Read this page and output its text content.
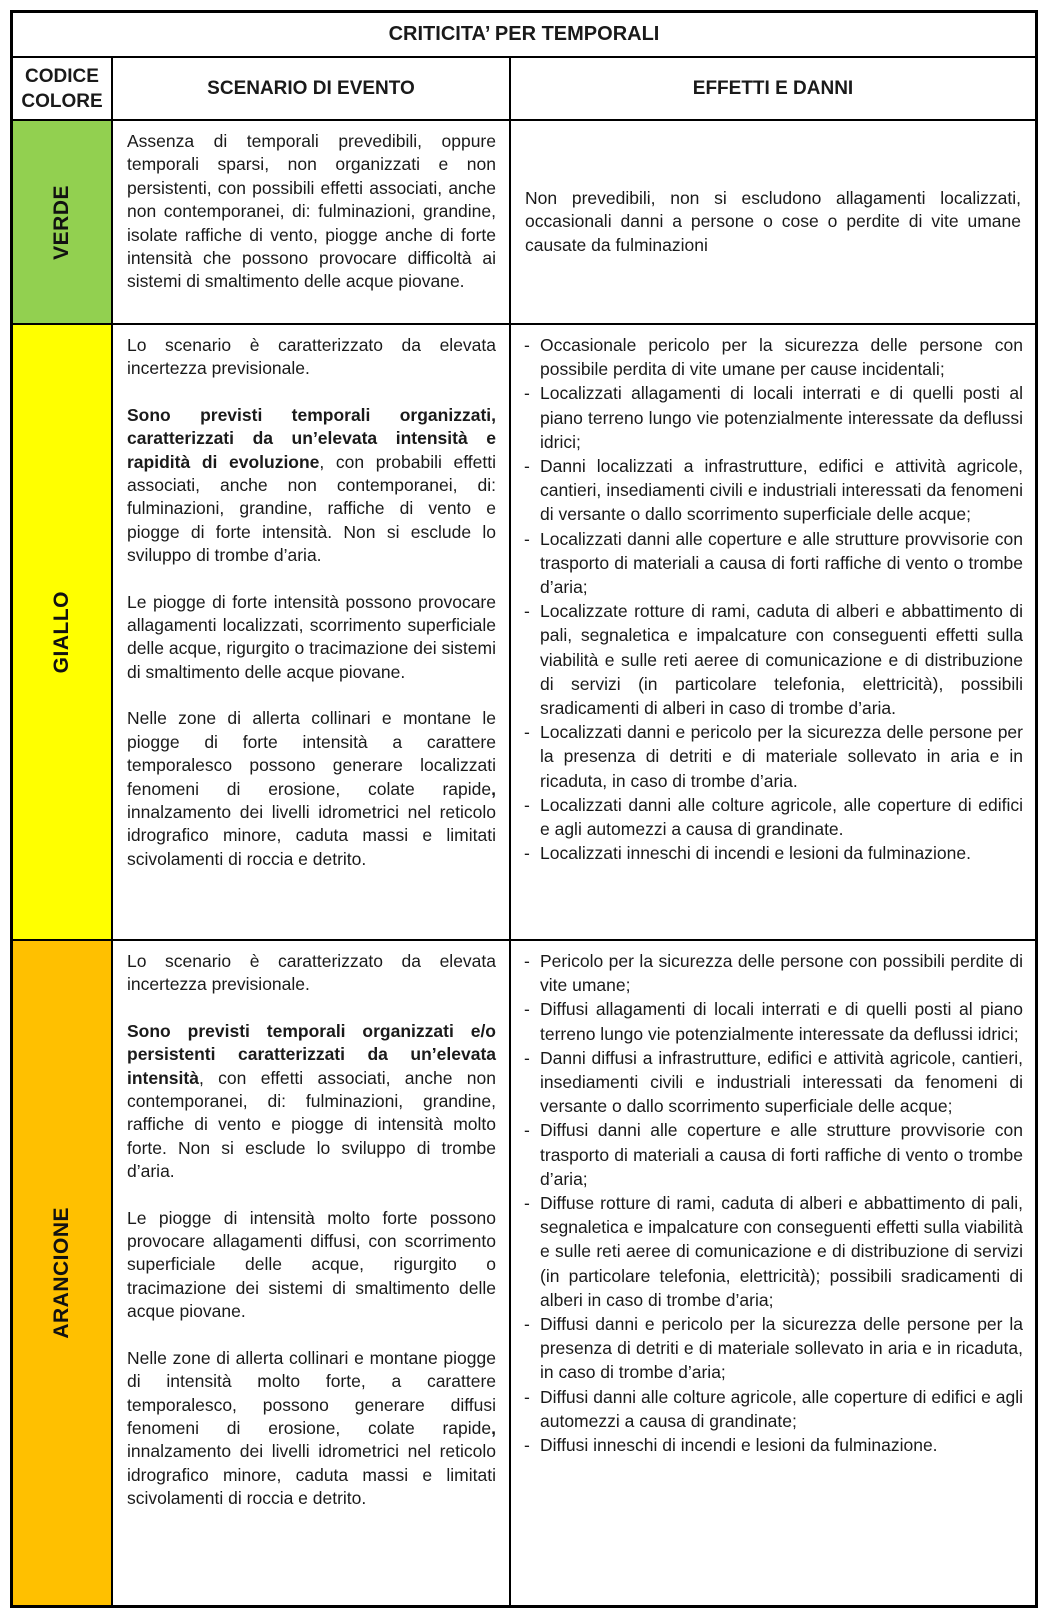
CRITICITA’ PER TEMPORALI
CODICE COLORE
SCENARIO DI EVENTO	EFFETTI E DANNI
VERDE

Assenza di temporali prevedibili, oppure temporali sparsi, non organizzati e non persistenti, con possibili effetti associati, anche non contemporanei, di: fulminazioni, grandine, isolate raffiche di vento, piogge anche di forte intensità che possono provocare difficoltà ai sistemi di smaltimento delle acque piovane.

Non prevedibili, non si escludono allagamenti localizzati, occasionali danni a persone o cose o perdite di vite umane causate da fulminazioni

GIALLO

Lo scenario è caratterizzato da elevata incertezza previsionale.

Sono previsti temporali organizzati, caratterizzati da un’elevata intensità e rapidità di evoluzione, con probabili effetti associati, anche non contemporanei, di: fulminazioni, grandine, raffiche di vento e piogge di forte intensità. Non si esclude lo sviluppo di trombe d’aria.

Le piogge di forte intensità possono provocare allagamenti localizzati, scorrimento superficiale delle acque, rigurgito o tracimazione dei sistemi di smaltimento delle acque piovane.

Nelle zone di allerta collinari e montane le piogge di forte intensità a carattere temporalesco possono generare localizzati fenomeni di erosione, colate rapide, innalzamento dei livelli idrometrici nel reticolo idrografico minore, caduta massi e limitati scivolamenti di roccia e detrito.

- Occasionale pericolo per la sicurezza delle persone con possibile perdita di vite umane per cause incidentali;
- Localizzati allagamenti di locali interrati e di quelli posti al piano terreno lungo vie potenzialmente interessate da deflussi idrici;
- Danni localizzati a infrastrutture, edifici e attività agricole, cantieri, insediamenti civili e industriali interessati da fenomeni di versante o dallo scorrimento superficiale delle acque;
- Localizzati danni alle coperture e alle strutture provvisorie con trasporto di materiali a causa di forti raffiche di vento o trombe d’aria;
- Localizzate rotture di rami, caduta di alberi e abbattimento di pali, segnaletica e impalcature con conseguenti effetti sulla viabilità e sulle reti aeree di comunicazione e di distribuzione di servizi (in particolare telefonia, elettricità), possibili sradicamenti di alberi in caso di trombe d’aria.
- Localizzati danni e pericolo per la sicurezza delle persone per la presenza di detriti e di materiale sollevato in aria e in ricaduta, in caso di trombe d’aria.
- Localizzati danni alle colture agricole, alle coperture di edifici e agli automezzi a causa di grandinate.
- Localizzati inneschi di incendi e lesioni da fulminazione.
ARANCIONE

Lo scenario è caratterizzato da elevata incertezza previsionale.

Sono previsti temporali organizzati e/o persistenti caratterizzati da un’elevata intensità, con effetti associati, anche non contemporanei, di: fulminazioni, grandine, raffiche di vento e piogge di intensità molto forte. Non si esclude lo sviluppo di trombe d’aria.

Le piogge di intensità molto forte possono provocare allagamenti diffusi, con scorrimento superficiale delle acque, rigurgito o tracimazione dei sistemi di smaltimento delle acque piovane.

Nelle zone di allerta collinari e montane piogge di intensità molto forte, a carattere temporalesco, possono generare diffusi fenomeni di erosione, colate rapide, innalzamento dei livelli idrometrici nel reticolo idrografico minore, caduta massi e limitati scivolamenti di roccia e detrito.

- Pericolo per la sicurezza delle persone con possibili perdite di vite umane;
- Diffusi allagamenti di locali interrati e di quelli posti al piano terreno lungo vie potenzialmente interessate da deflussi idrici;
- Danni diffusi a infrastrutture, edifici e attività agricole, cantieri, insediamenti civili e industriali interessati da fenomeni di versante o dallo scorrimento superficiale delle acque;
- Diffusi danni alle coperture e alle strutture provvisorie con trasporto di materiali a causa di forti raffiche di vento o trombe d’aria;
- Diffuse rotture di rami, caduta di alberi e abbattimento di pali, segnaletica e impalcature con conseguenti effetti sulla viabilità e sulle reti aeree di comunicazione e di distribuzione di servizi (in particolare telefonia, elettricità); possibili sradicamenti di alberi in caso di trombe d’aria;
- Diffusi danni e pericolo per la sicurezza delle persone per la presenza di detriti e di materiale sollevato in aria e in ricaduta, in caso di trombe d’aria;
- Diffusi danni alle colture agricole, alle coperture di edifici e agli automezzi a causa di grandinate;
- Diffusi inneschi di incendi e lesioni da fulminazione.
